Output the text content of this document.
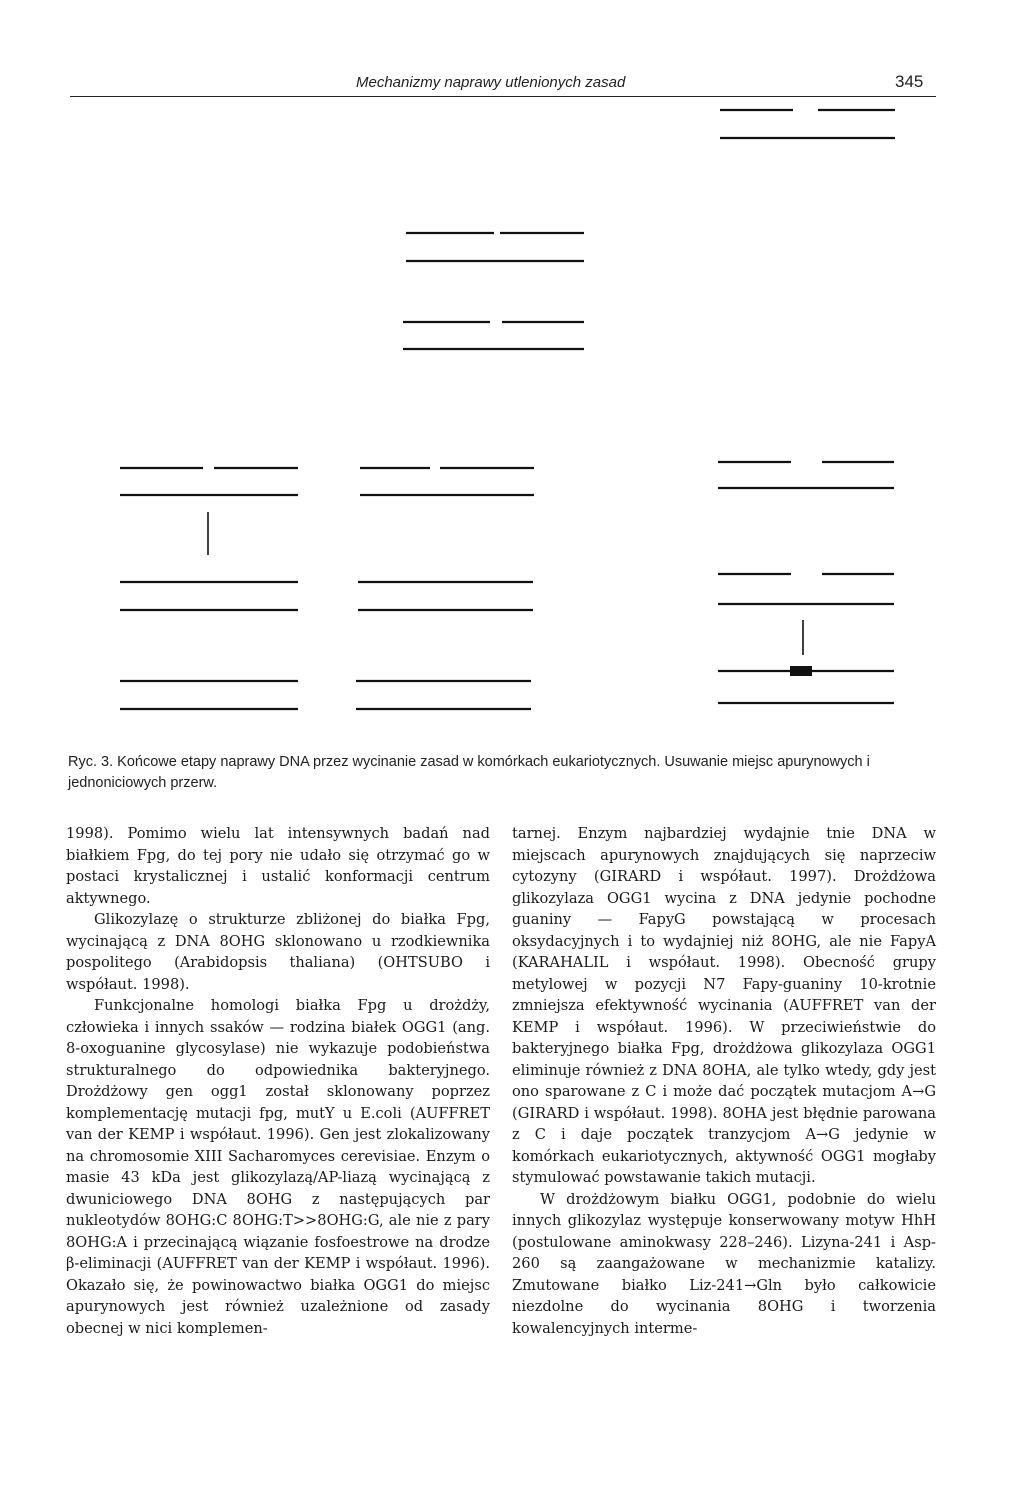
Mechanizmy naprawy utlenionych zasad	345
Ryc. 3. Końcowe etapy naprawy DNA przez wycinanie zasad w komórkach eukariotycznych. Usuwanie miejsc apurynowych i jednoniciowych przerw.

1998). Pomimo wielu lat intensywnych badań nad białkiem Fpg, do tej pory nie udało się otrzymać go w postaci krystalicznej i ustalić konformacji centrum aktywnego.

Glikozylazę o strukturze zbliżonej do białka Fpg, wycinającą z DNA 8OHG sklonowano u rzodkiewnika pospolitego (Arabidopsis thaliana) (OHTSUBO i współaut. 1998).

Funkcjonalne homologi białka Fpg u drożdży, człowieka i innych ssaków — rodzina białek OGG1 (ang. 8-oxoguanine glycosylase) nie wykazuje podobieństwa strukturalnego do odpowiednika bakteryjnego. Drożdżowy gen ogg1 został sklonowany poprzez komplementację mutacji fpg, mutY u E.coli (AUFFRET van der KEMP i współaut. 1996). Gen jest zlokalizowany na chromosomie XIII Sacharomyces cerevisiae. Enzym o masie 43 kDa jest glikozylazą/AP-liazą wycinającą z dwuniciowego DNA 8OHG z następujących par nukleotydów 8OHG:C 8OHG:T>>8OHG:G, ale nie z pary 8OHG:A i przecinającą wiązanie fosfoestrowe na drodze β-eliminacji (AUFFRET van der KEMP i współaut. 1996). Okazało się, że powinowactwo białka OGG1 do miejsc apurynowych jest również uzależnione od zasady obecnej w nici komplemen-

tarnej. Enzym najbardziej wydajnie tnie DNA w miejscach apurynowych znajdujących się naprzeciw cytozyny (GIRARD i współaut. 1997). Drożdżowa glikozylaza OGG1 wycina z DNA jedynie pochodne guaniny — FapyG powstającą w procesach oksydacyjnych i to wydajniej niż 8OHG, ale nie FapyA (KARAHALIL i współaut. 1998). Obecność grupy metylowej w pozycji N7 Fapy-guaniny 10-krotnie zmniejsza efektywność wycinania (AUFFRET van der KEMP i współaut. 1996). W przeciwieństwie do bakteryjnego białka Fpg, drożdżowa glikozylaza OGG1 eliminuje również z DNA 8OHA, ale tylko wtedy, gdy jest ono sparowane z C i może dać początek mutacjom A→G (GIRARD i współaut. 1998). 8OHA jest błędnie parowana z C i daje początek tranzycjom A→G jedynie w komórkach eukariotycznych, aktywność OGG1 mogłaby stymulować powstawanie takich mutacji.

W drożdżowym białku OGG1, podobnie do wielu innych glikozylaz występuje konserwowany motyw HhH (postulowane aminokwasy 228–246). Lizyna-241 i Asp-260 są zaangażowane w mechanizmie katalizy. Zmutowane białko Liz-241→Gln było całkowicie niezdolne do wycinania 8OHG i tworzenia kowalencyjnych interme-
